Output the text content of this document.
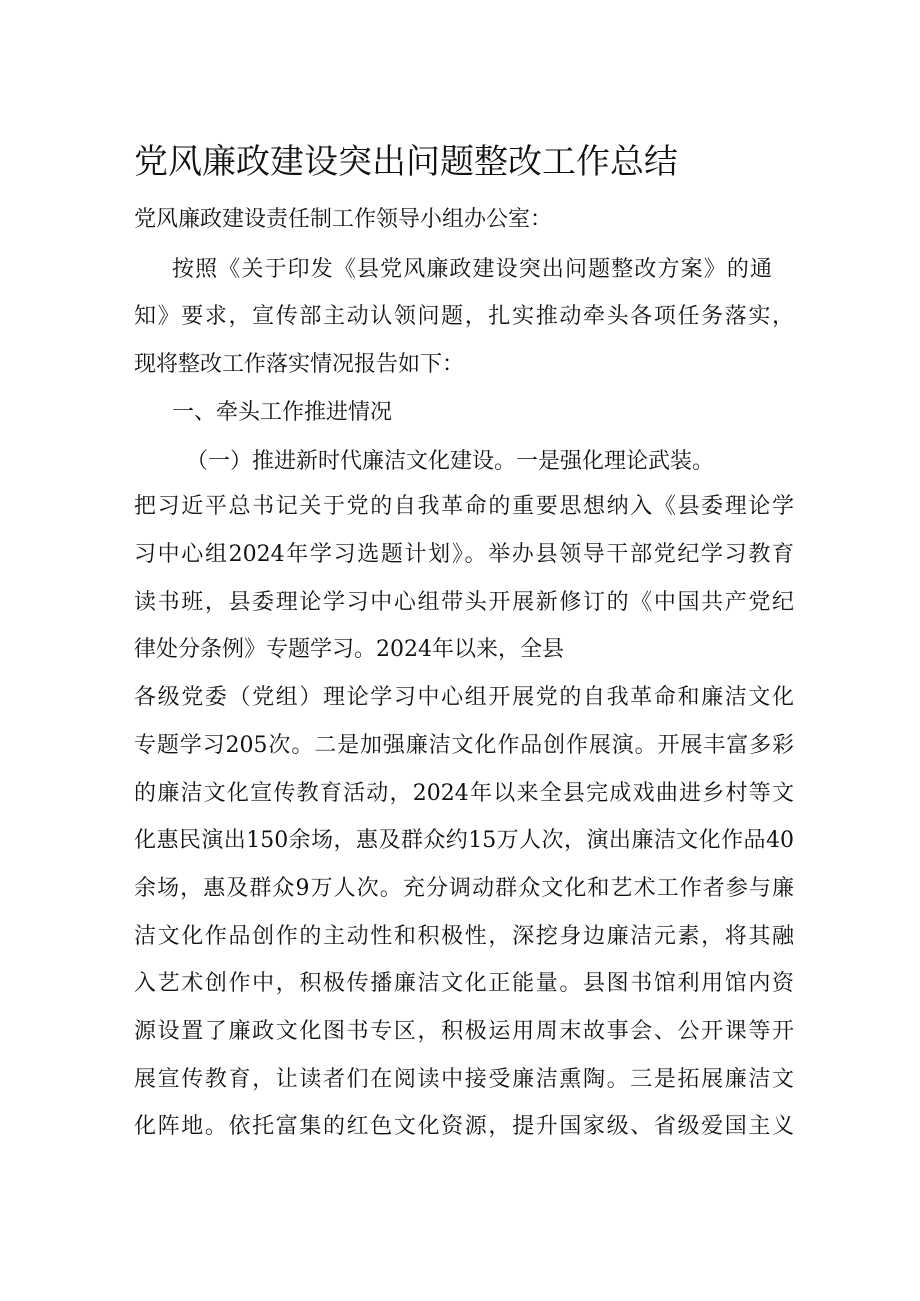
党风廉政建设突出问题整改工作总结
党风廉政建设责任制工作领导小组办公室：
按照《关于印发《县党风廉政建设突出问题整改方案》的通
知》要求，宣传部主动认领问题，扎实推动牵头各项任务落实，
现将整改工作落实情况报告如下：
一、牵头工作推进情况
（一）推进新时代廉洁文化建设。一是强化理论武装。
把习近平总书记关于党的自我革命的重要思想纳入《县委理论学
习中心组2024年学习选题计划》。举办县领导干部党纪学习教育
读书班，县委理论学习中心组带头开展新修订的《中国共产党纪
律处分条例》专题学习。2024年以来，全县
各级党委（党组）理论学习中心组开展党的自我革命和廉洁文化
专题学习205次。二是加强廉洁文化作品创作展演。开展丰富多彩
的廉洁文化宣传教育活动，2024年以来全县完成戏曲进乡村等文
化惠民演出150余场，惠及群众约15万人次，演出廉洁文化作品40
余场，惠及群众9万人次。充分调动群众文化和艺术工作者参与廉
洁文化作品创作的主动性和积极性，深挖身边廉洁元素，将其融
入艺术创作中，积极传播廉洁文化正能量。县图书馆利用馆内资
源设置了廉政文化图书专区，积极运用周末故事会、公开课等开
展宣传教育，让读者们在阅读中接受廉洁熏陶。三是拓展廉洁文
化阵地。依托富集的红色文化资源，提升国家级、省级爱国主义
